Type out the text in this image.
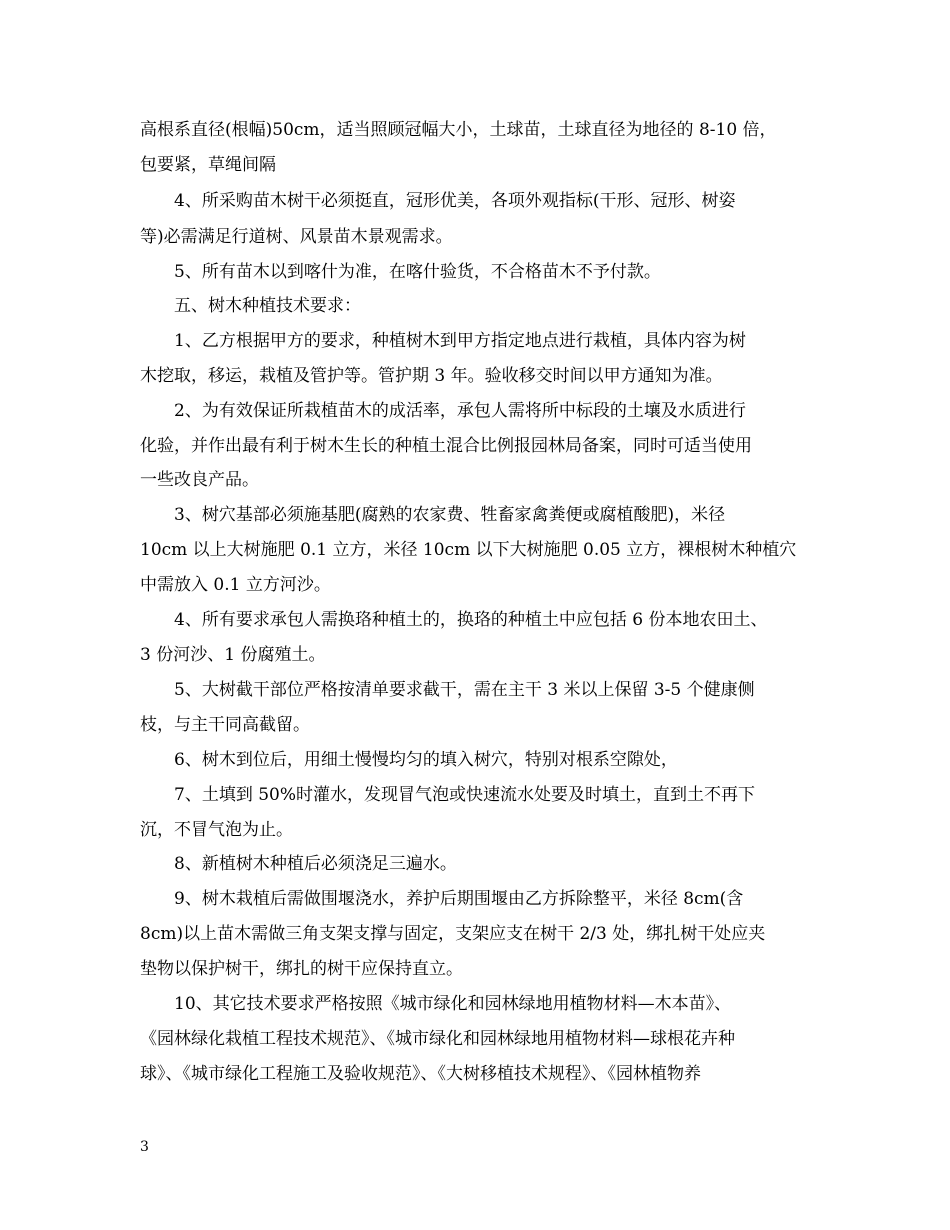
高根系直径(根幅)50cm，适当照顾冠幅大小，土球苗，土球直径为地径的 8-10 倍，
包要紧，草绳间隔
4、所采购苗木树干必须挺直，冠形优美，各项外观指标(干形、冠形、树姿
等)必需满足行道树、风景苗木景观需求。
5、所有苗木以到喀什为准，在喀什验货，不合格苗木不予付款。
五、树木种植技术要求：
1、乙方根据甲方的要求，种植树木到甲方指定地点进行栽植，具体内容为树
木挖取，移运，栽植及管护等。管护期 3 年。验收移交时间以甲方通知为准。
2、为有效保证所栽植苗木的成活率，承包人需将所中标段的土壤及水质进行
化验，并作出最有利于树木生长的种植土混合比例报园林局备案，同时可适当使用
一些改良产品。
3、树穴基部必须施基肥(腐熟的农家费、牲畜家禽粪便或腐植酸肥)，米径
10cm 以上大树施肥 0.1 立方，米径 10cm 以下大树施肥 0.05 立方，裸根树木种植穴
中需放入 0.1 立方河沙。
4、所有要求承包人需换珞种植土的，换珞的种植土中应包括 6 份本地农田土、
3 份河沙、1 份腐殖土。
5、大树截干部位严格按清单要求截干，需在主干 3 米以上保留 3-5 个健康侧
枝，与主干同高截留。
6、树木到位后，用细土慢慢均匀的填入树穴，特别对根系空隙处，
7、土填到 50%时灌水，发现冒气泡或快速流水处要及时填土，直到土不再下
沉，不冒气泡为止。
8、新植树木种植后必须浇足三遍水。
9、树木栽植后需做围堰浇水，养护后期围堰由乙方拆除整平，米径 8cm(含
8cm)以上苗木需做三角支架支撑与固定，支架应支在树干 2/3 处，绑扎树干处应夹
垫物以保护树干，绑扎的树干应保持直立。
10、其它技术要求严格按照《城市绿化和园林绿地用植物材料—木本苗》、
《园林绿化栽植工程技术规范》、《城市绿化和园林绿地用植物材料—球根花卉种
球》、《城市绿化工程施工及验收规范》、《大树移植技术规程》、《园林植物养
3
